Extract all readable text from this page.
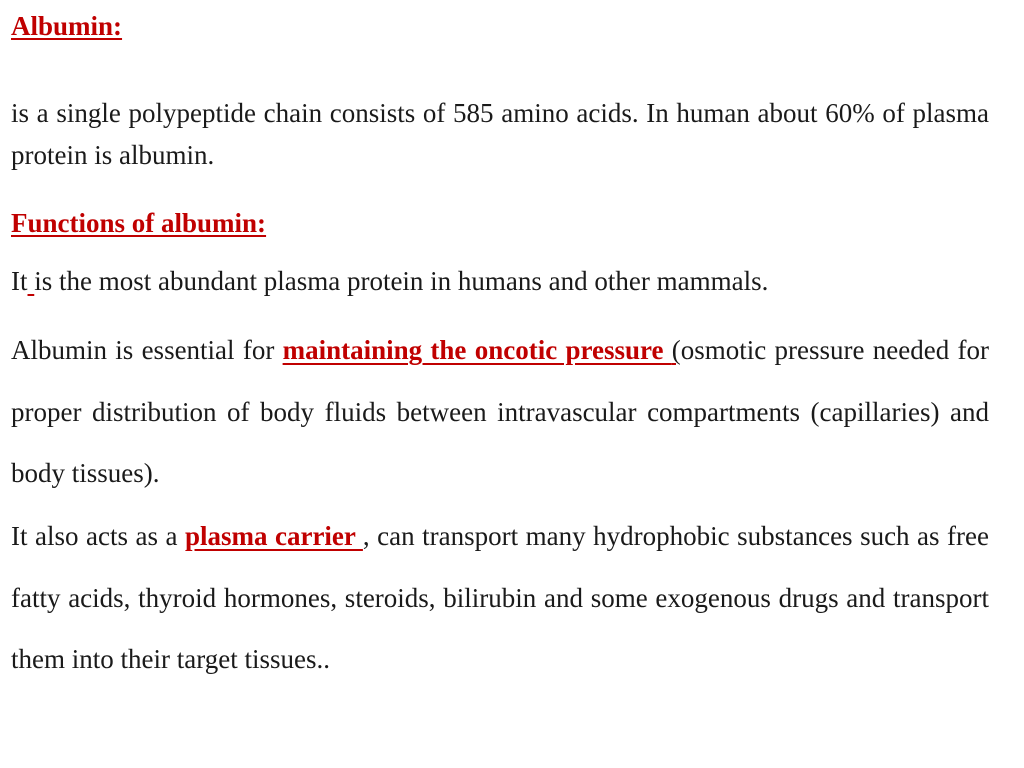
Albumin:
is a single polypeptide chain consists of 585 amino acids. In human about 60% of plasma protein is albumin.
Functions of albumin:
It is the most abundant plasma protein in humans and other mammals.
Albumin is essential for maintaining the oncotic pressure (osmotic pressure needed for proper distribution of body fluids between intravascular compartments (capillaries) and body tissues).
It also acts as a plasma carrier , can transport many hydrophobic substances such as free fatty acids, thyroid hormones, steroids, bilirubin and some exogenous drugs and transport them into their target tissues..
